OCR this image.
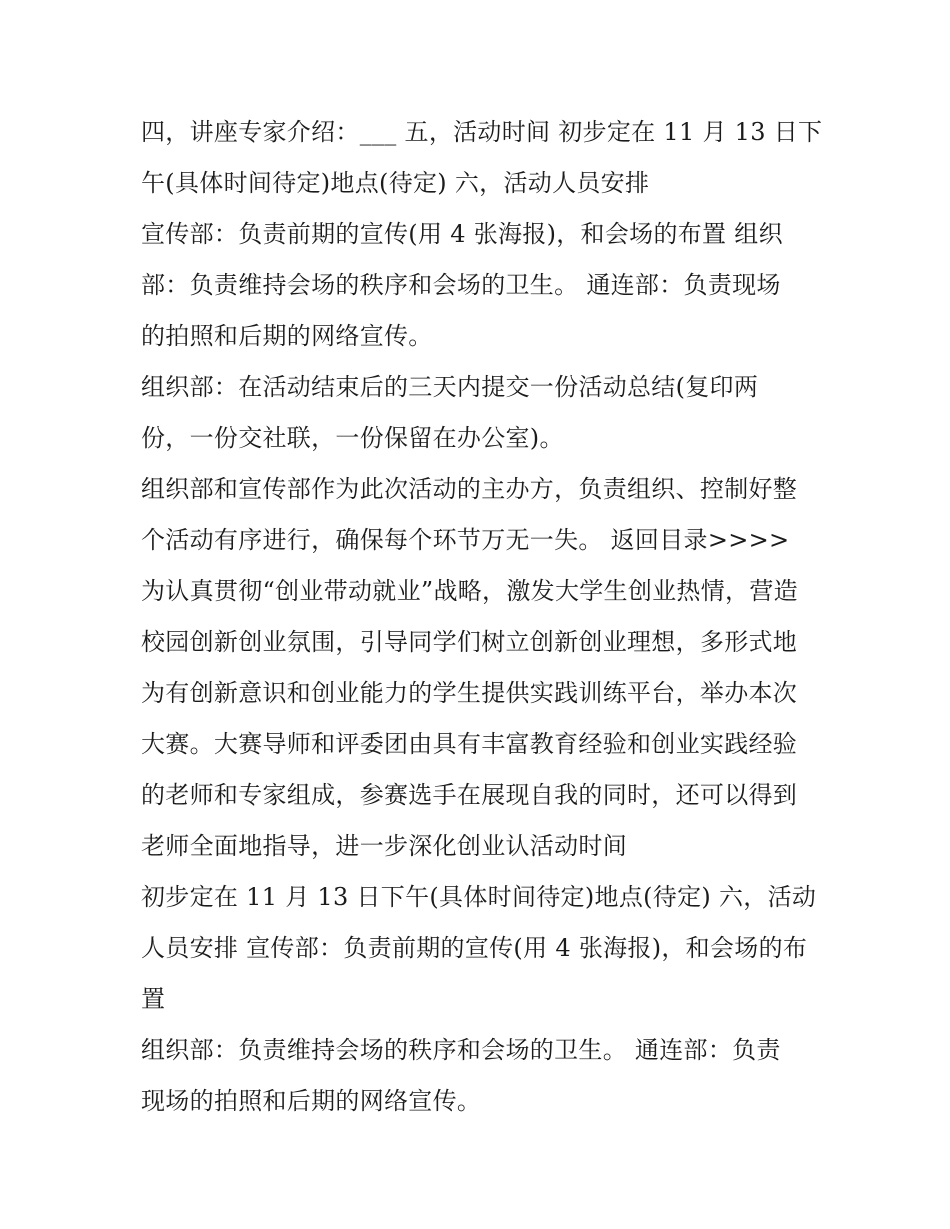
四，讲座专家介绍：___ 五，活动时间 初步定在 11 月 13 日下
午(具体时间待定)地点(待定) 六，活动人员安排
宣传部：负责前期的宣传(用 4 张海报)，和会场的布置 组织
部：负责维持会场的秩序和会场的卫生。 通连部：负责现场
的拍照和后期的网络宣传。
组织部：在活动结束后的三天内提交一份活动总结(复印两
份，一份交社联，一份保留在办公室)。
组织部和宣传部作为此次活动的主办方，负责组织、控制好整
个活动有序进行，确保每个环节万无一失。 返回目录>>>>
为认真贯彻“创业带动就业”战略，激发大学生创业热情，营造
校园创新创业氛围，引导同学们树立创新创业理想，多形式地
为有创新意识和创业能力的学生提供实践训练平台，举办本次
大赛。大赛导师和评委团由具有丰富教育经验和创业实践经验
的老师和专家组成，参赛选手在展现自我的同时，还可以得到
老师全面地指导，进一步深化创业认活动时间
初步定在 11 月 13 日下午(具体时间待定)地点(待定) 六，活动
人员安排 宣传部：负责前期的宣传(用 4 张海报)，和会场的布
置
组织部：负责维持会场的秩序和会场的卫生。 通连部：负责
现场的拍照和后期的网络宣传。
